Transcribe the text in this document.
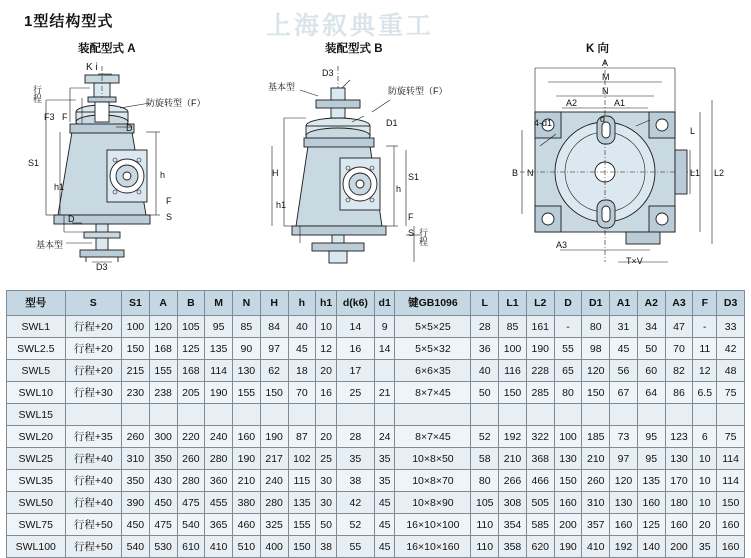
1型结构型式	上海叙典重工
装配型式 A	装配型式 B	K 向
K i
行程
F3 F
D
防旋转型（F）
S1
h1
h
F
S
D
基本型
D3
基本型
D3
防旋转型（F）
D1
H
h
S1
h1
F
S 行程
A
M
N
A2	A1
4-d1	d
L
L1 L2
B N
A3
T×V
型号	S	S1	A	B	M	N	H	h	h1	d(k6)	d1	键GB1096	L	L1	L2	D	D1	A1	A2	A3	F	D3
SWL1	行程+20	100	120	105	95	85	84	40	10	14	9	5×5×25	28	85	161	-	80	31	34	47	-	33
SWL2.5	行程+20	150	168	125	135	90	97	45	12	16	14	5×5×32	36	100	190	55	98	45	50	70	11	42
SWL5	行程+20	215	155	168	114	130	62	18	20	17		6×6×35	40	116	228	65	120	56	60	82	12	48
SWL10	行程+30	230	238	205	190	155	150	70	16	25	21	8×7×45	50	150	285	80	150	67	64	86	6.5	75
SWL15																						
SWL20	行程+35	260	300	220	240	160	190	87	20	28	24	8×7×45	52	192	322	100	185	73	95	123	6	75
SWL25	行程+40	310	350	260	280	190	217	102	25	35	35	10×8×50	58	210	368	130	210	97	95	130	10	114
SWL35	行程+40	350	430	280	360	210	240	115	30	38	35	10×8×70	80	266	466	150	260	120	135	170	10	114
SWL50	行程+40	390	450	475	455	380	280	135	30	42	45	10×8×90	105	308	505	160	310	130	160	180	10	150
SWL75	行程+50	450	475	540	365	460	325	155	50	52	45	16×10×100	110	354	585	200	357	160	125	160	20	160
SWL100	行程+50	540	530	610	410	510	400	150	38	55	45	16×10×160	110	358	620	190	410	192	140	200	35	160
